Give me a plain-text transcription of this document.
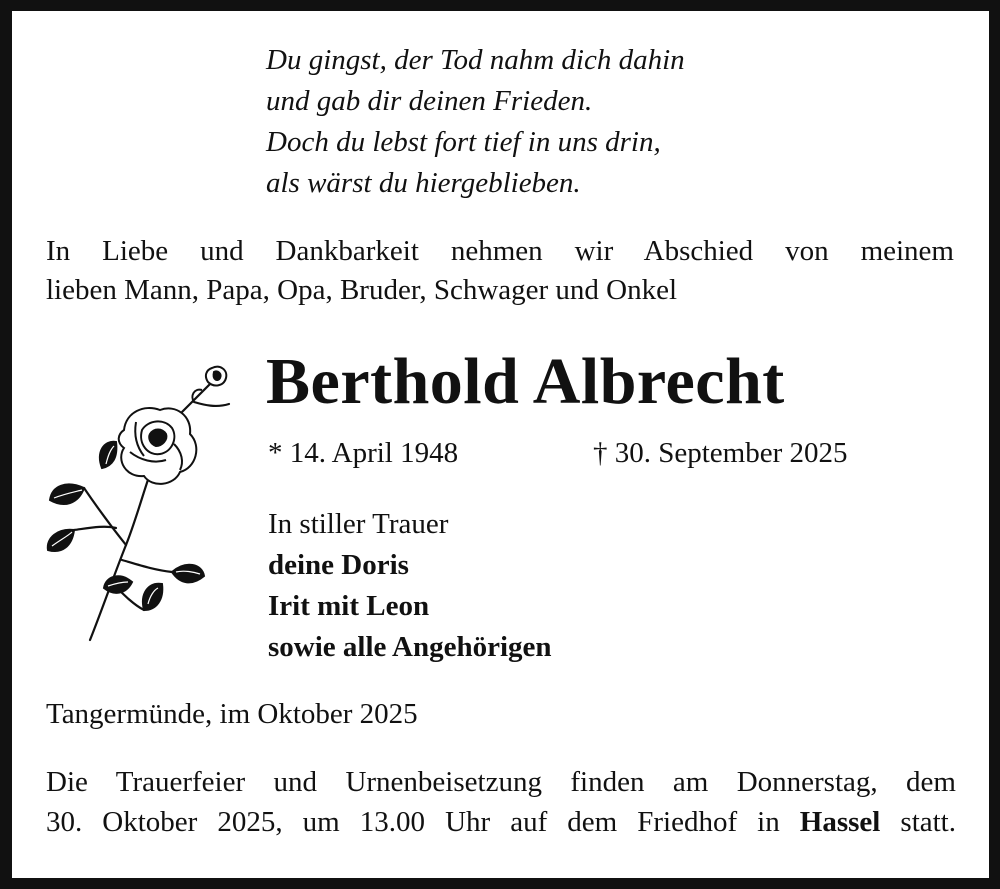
Du gingst, der Tod nahm dich dahin
und gab dir deinen Frieden.
Doch du lebst fort tief in uns drin,
als wärst du hiergeblieben.
In Liebe und Dankbarkeit nehmen wir Abschied von meinem
lieben Mann, Papa, Opa, Bruder, Schwager und Onkel
Berthold Albrecht
* 14. April 1948	† 30. September 2025
In stiller Trauer
deine Doris
Irit mit Leon
sowie alle Angehörigen
Tangermünde, im Oktober 2025
Die Trauerfeier und Urnenbeisetzung finden am Donnerstag, dem
30. Oktober 2025, um 13.00 Uhr auf dem Friedhof in Hassel statt.
